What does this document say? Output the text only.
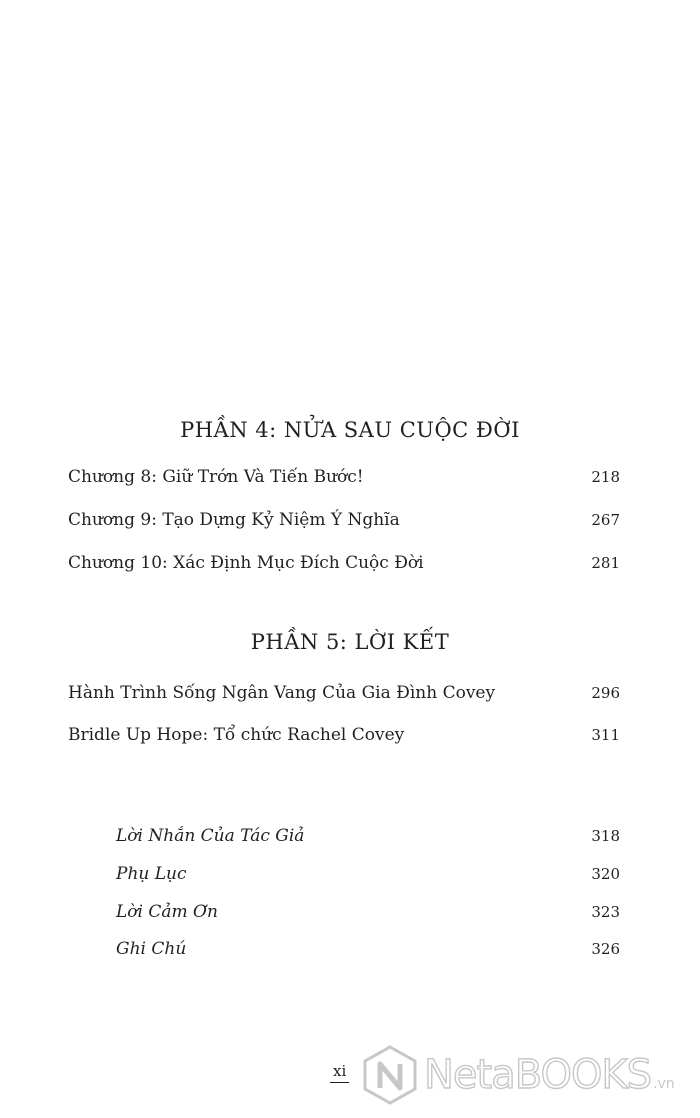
PHẦN 4: NỬA SAU CUỘC ĐỜI
Chương 8: Giữ Trớn Và Tiến Bước!	218
Chương 9: Tạo Dựng Kỷ Niệm Ý Nghĩa	267
Chương 10: Xác Định Mục Đích Cuộc Đời	281
PHẦN 5: LỜI KẾT
Hành Trình Sống Ngân Vang Của Gia Đình Covey	296
Bridle Up Hope: Tổ chức Rachel Covey	311
Lời Nhắn Của Tác Giả	318
Phụ Lục	320
Lời Cảm Ơn	323
Ghi Chú	326
xi NetaBOOKS .vn
